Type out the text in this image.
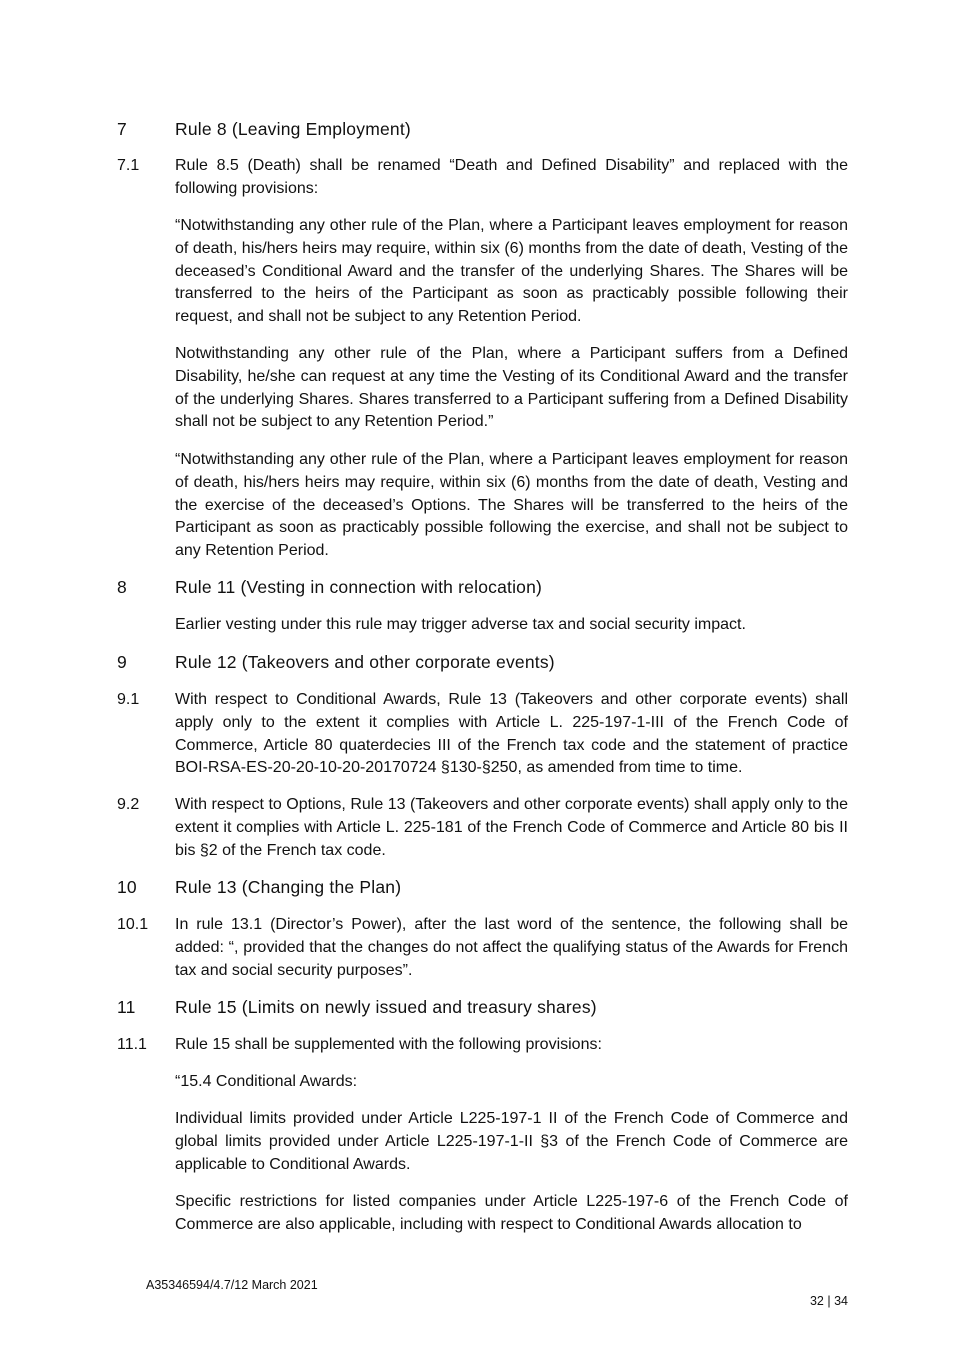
7	Rule 8 (Leaving Employment)
7.1 Rule 8.5 (Death) shall be renamed “Death and Defined Disability” and replaced with the following provisions:
“Notwithstanding any other rule of the Plan, where a Participant leaves employment for reason of death, his/hers heirs may require, within six (6) months from the date of death, Vesting of the deceased’s Conditional Award and the transfer of the underlying Shares. The Shares will be transferred to the heirs of the Participant as soon as practicably possible following their request, and shall not be subject to any Retention Period.
Notwithstanding any other rule of the Plan, where a Participant suffers from a Defined Disability, he/she can request at any time the Vesting of its Conditional Award and the transfer of the underlying Shares. Shares transferred to a Participant suffering from a Defined Disability shall not be subject to any Retention Period.”
“Notwithstanding any other rule of the Plan, where a Participant leaves employment for reason of death, his/hers heirs may require, within six (6) months from the date of death, Vesting and the exercise of the deceased’s Options. The Shares will be transferred to the heirs of the Participant as soon as practicably possible following the exercise, and shall not be subject to any Retention Period.
8	Rule 11 (Vesting in connection with relocation)
Earlier vesting under this rule may trigger adverse tax and social security impact.
9	Rule 12 (Takeovers and other corporate events)
9.1 With respect to Conditional Awards, Rule 13 (Takeovers and other corporate events) shall apply only to the extent it complies with Article L. 225-197-1-III of the French Code of Commerce, Article 80 quaterdecies III of the French tax code and the statement of practice BOI-RSA-ES-20-20-10-20-20170724 §130-§250, as amended from time to time.
9.2 With respect to Options, Rule 13 (Takeovers and other corporate events) shall apply only to the extent it complies with Article L. 225-181 of the French Code of Commerce and Article 80 bis II bis §2 of the French tax code.
10 Rule 13 (Changing the Plan)
10.1 In rule 13.1 (Director’s Power), after the last word of the sentence, the following shall be added: “, provided that the changes do not affect the qualifying status of the Awards for French tax and social security purposes”.
11 Rule 15 (Limits on newly issued and treasury shares)
11.1 Rule 15 shall be supplemented with the following provisions:
“15.4 Conditional Awards:
Individual limits provided under Article L225-197-1 II of the French Code of Commerce and global limits provided under Article L225-197-1-II §3 of the French Code of Commerce are applicable to Conditional Awards.
Specific restrictions for listed companies under Article L225-197-6 of the French Code of Commerce are also applicable, including with respect to Conditional Awards allocation to
A35346594/4.7/12 March 2021
32 | 34
